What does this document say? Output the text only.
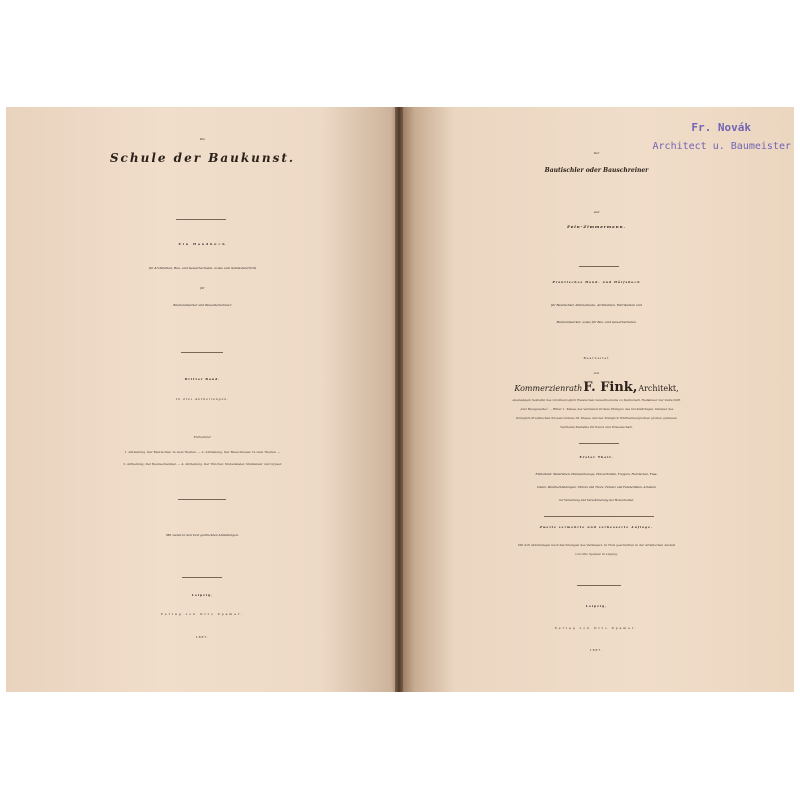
Die
Schule der Baukunst.
Ein Handbuch
für Architekten, Bau- und Gewerbschulen, sowie zum Selbstunterricht
für
Bauhandwerker und Bauunternehmer.
Dritter Band.
In drei Abtheilungen.
Enthaltend:
1. Abtheilung. Der Bautischler. In zwei Theilen. — 2. Abtheilung. Der Bauschlosser. In zwei Theilen. —
3. Abtheilung. Der Baumechaniker. — 4. Abtheilung. Der Tüncher, Stubenmaler, Stukkateur und Gypser.
Mit vielen in den Text gedruckten Abbildungen.
Leipzig,
Verlag von Otto Spamer.
1867.
Fr. Novák
Architect u. Baumeister
Der
Bautischler oder Bauschreiner
und
Fein-Zimmermann.
Praktisches Hand- und Hülfsbuch
für Bautischler, Zimmerleute, Architekten, Fabrikanten und
Bauhandwerker, sowie für Bau- und Gewerbschulen.
Bearbeitet
von
Kommerzienrath F. Fink, Architekt,
ehemaligem Sekretär des Großherzoglich Hessischen Gewerbvereins zu Darmstadt, Redakteur der Zeitschrift
„Der Baugewerbe“. – Ritter 1. Klasse des Verdienst-Ordens Philipp's des Großmüthigen, Inhaber des
Königlich Preußischen Kronen-Ordens III. Klasse und der Königlich Württembergischen großen goldenen
Verdienst-Medaille für Kunst und Wissenschaft.
Erster Theil.
Enthaltend: Materialien, Handwerkzeuge, Holzverbände, Treppen, Holzdecken, Fuss-
böden, Wandverkleidungen, Thüren und Thore, Fenster und Fensterläden, Arbeiten
zur Verzierung und Verschönerung der Holzarbeiten.
Zweite vermehrte und verbesserte Auflage.
Mit 416 Abbildungen nach Zeichnungen des Verfassers. In Holz geschnitten in der Artistischen Anstalt
von Otto Spamer in Leipzig.
Leipzig,
Verlag von Otto Spamer.
1867.
